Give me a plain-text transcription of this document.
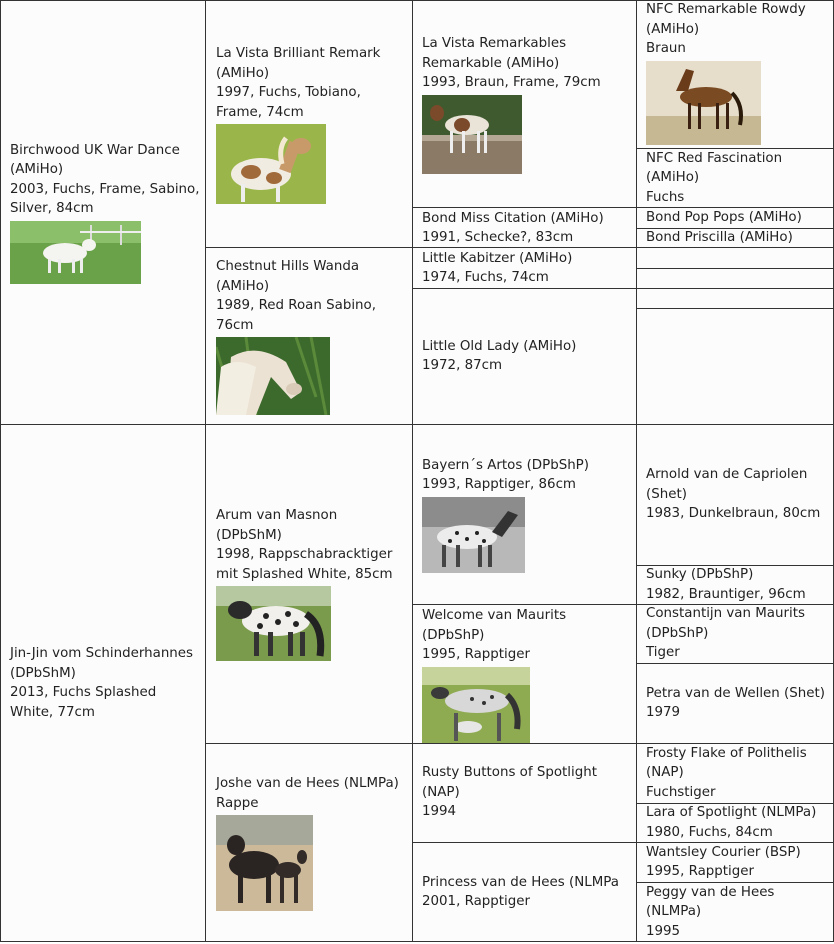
Birchwood UK War Dance (AMiHo)
2003, Fuchs, Frame, Sabino, Silver, 84cm
Jin-Jin vom Schinderhannes (DPbShM)
2013, Fuchs Splashed White, 77cm
La Vista Brilliant Remark (AMiHo)
1997, Fuchs, Tobiano, Frame, 74cm
Chestnut Hills Wanda (AMiHo)
1989, Red Roan Sabino, 76cm
Arum van Masnon (DPbShM)
1998, Rappschabracktiger mit Splashed White, 85cm
Joshe van de Hees (NLMPa)
Rappe
La Vista Remarkables Remarkable (AMiHo)
1993, Braun, Frame, 79cm
Bond Miss Citation (AMiHo)
1991, Schecke?, 83cm
Little Kabitzer (AMiHo)
1974, Fuchs, 74cm
Little Old Lady (AMiHo)
1972, 87cm
Bayern´s Artos (DPbShP)
1993, Rapptiger, 86cm
Welcome van Maurits (DPbShP)
1995, Rapptiger
Rusty Buttons of Spotlight (NAP)
1994
Princess van de Hees (NLMPa
2001, Rapptiger
NFC Remarkable Rowdy (AMiHo)
Braun
NFC Red Fascination (AMiHo)
Fuchs
Bond Pop Pops (AMiHo)
Bond Priscilla (AMiHo)
Arnold van de Capriolen (Shet)
1983, Dunkelbraun, 80cm
Sunky (DPbShP)
1982, Brauntiger, 96cm
Constantijn van Maurits (DPbShP)
Tiger
Petra van de Wellen (Shet)
1979
Frosty Flake of Polithelis (NAP)
Fuchstiger
Lara of Spotlight (NLMPa)
1980, Fuchs, 84cm
Wantsley Courier (BSP)
1995, Rapptiger
Peggy van de Hees (NLMPa)
1995
